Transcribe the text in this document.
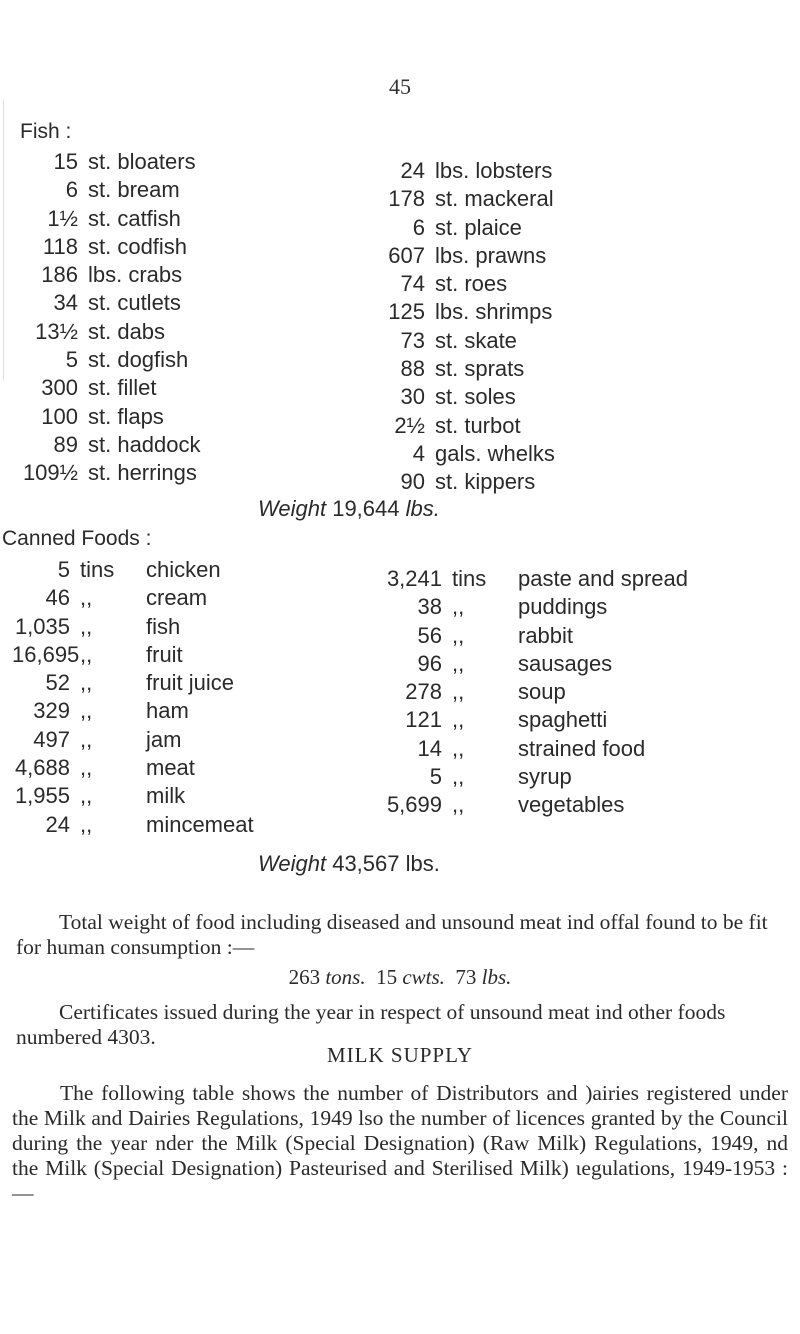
45
Fish :
15 st. bloaters
6 st. bream
1½ st. catfish
118 st. codfish
186 lbs. crabs
34 st. cutlets
13½ st. dabs
5 st. dogfish
300 st. fillet
100 st. flaps
89 st. haddock
109½ st. herrings
24 lbs. lobsters
178 st. mackeral
6 st. plaice
607 lbs. prawns
74 st. roes
125 lbs. shrimps
73 st. skate
88 st. sprats
30 st. soles
2½ st. turbot
4 gals. whelks
90 st. kippers
Weight 19,644 lbs.
Canned Foods :
5 tins	chicken
46 ,,	cream
1,035 ,,	fish
16,695 ,,	fruit
52 ,,	fruit juice
329 ,,	ham
497 ,,	jam
4,688 ,,	meat
1,955 ,,	milk
24 ,,	mincemeat
3,241 tins	paste and spread
38 ,,	puddings
56 ,,	rabbit
96 ,,	sausages
278 ,,	soup
121 ,,	spaghetti
14 ,,	strained food
5 ,,	syrup
5,699 ,,	vegetables
Weight 43,567 lbs.
Total weight of food including diseased and unsound meat ind offal found to be fit for human consumption :—
263 tons. 15 cwts. 73 lbs.
Certificates issued during the year in respect of unsound meat ind other foods numbered 4303.
MILK SUPPLY
The following table shows the number of Distributors and )airies registered under the Milk and Dairies Regulations, 1949 lso the number of licences granted by the Council during the year nder the Milk (Special Designation) (Raw Milk) Regulations, 1949, nd the Milk (Special Designation) Pasteurised and Sterilised Milk) ιegulations, 1949-1953 :—
